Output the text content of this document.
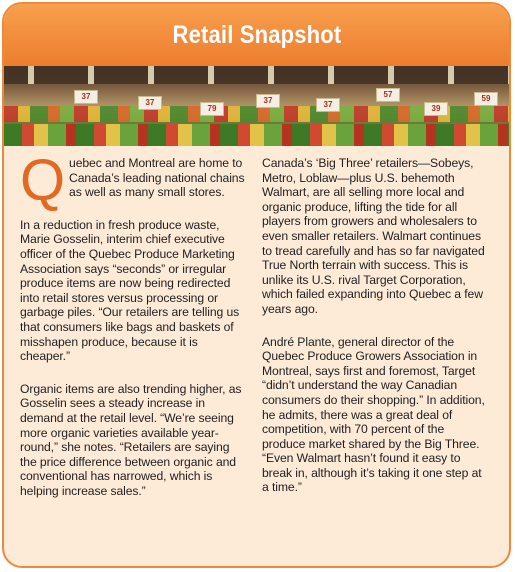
Retail Snapshot
37
37
79
37	37
57
39
59

Quebec and Montreal are home to Canada’s leading national chains as well as many small stores.

In a reduction in fresh produce waste, Marie Gosselin, interim chief executive officer of the Quebec Produce Marketing Association says “seconds” or irregular produce items are now being redirected into retail stores versus processing or garbage piles. “Our retailers are telling us that consumers like bags and baskets of misshapen produce, because it is cheaper.”

Organic items are also trending higher, as Gosselin sees a steady increase in demand at the retail level. “We’re seeing more organic varieties available year-round,” she notes. “Retailers are saying the price difference between organic and conventional has narrowed, which is helping increase sales.”

Canada’s ‘Big Three’ retailers—Sobeys, Metro, Loblaw—plus U.S. behemoth Walmart, are all selling more local and organic produce, lifting the tide for all players from growers and wholesalers to even smaller retailers. Walmart continues to tread carefully and has so far navigated True North terrain with success. This is unlike its U.S. rival Target Corporation, which failed expanding into Quebec a few years ago.

André Plante, general director of the Quebec Produce Growers Association in Montreal, says first and foremost, Target “didn’t understand the way Canadian consumers do their shopping.” In addition, he admits, there was a great deal of competition, with 70 percent of the produce market shared by the Big Three. “Even Walmart hasn’t found it easy to break in, although it’s taking it one step at a time.”
